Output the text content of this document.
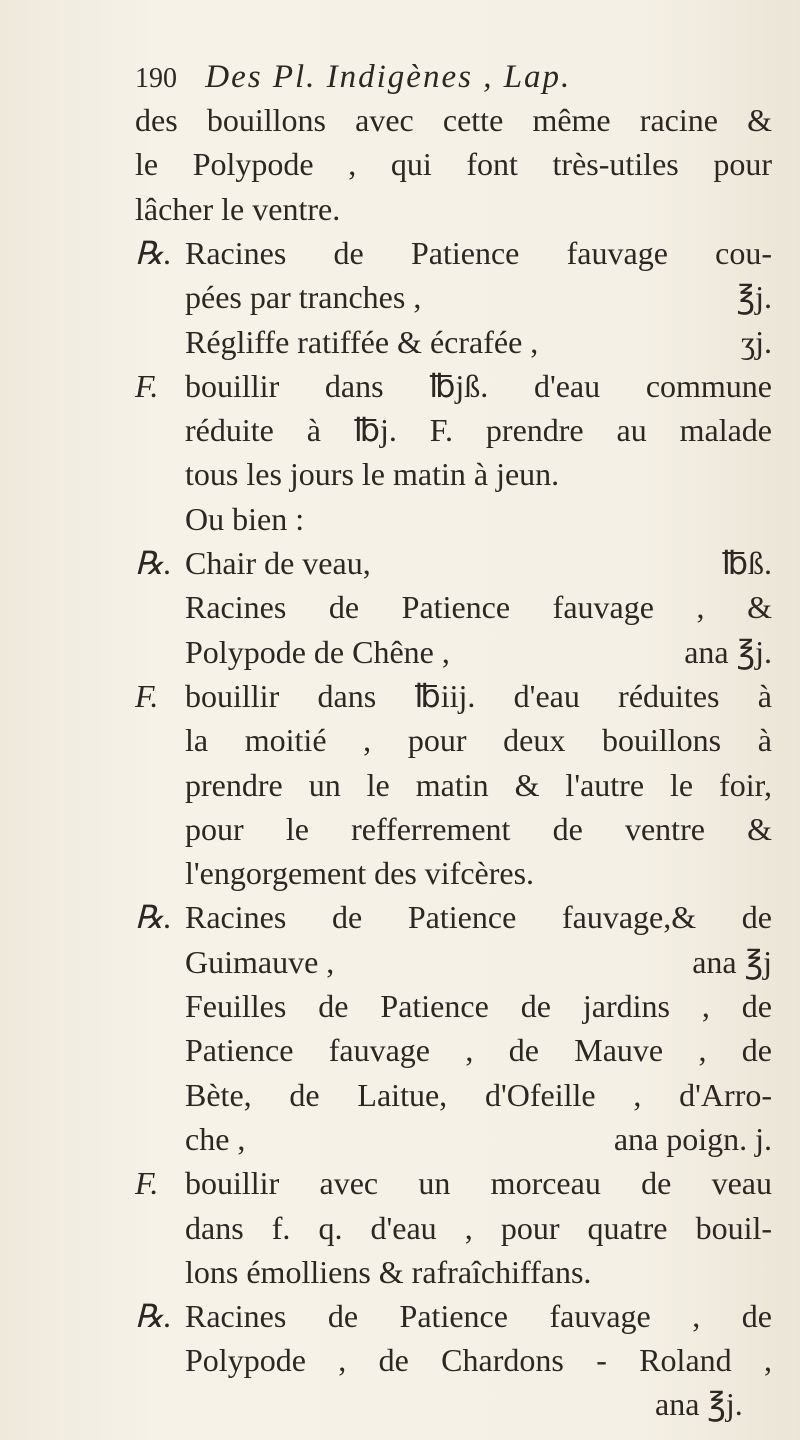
190 Des Pl. Indigènes , Lap.
des bouillons avec cette même racine &
le Polypode , qui font très-utiles pour
lâcher le ventre.
℞. Racines de Patience fauvage cou-
pées par tranches ,	℥j.
Régliffe ratiffée & écrafée ,	ʒj.
F. bouillir dans ℔jß. d'eau commune
réduite à ℔j. F. prendre au malade
tous les jours le matin à jeun.
Ou bien :
℞. Chair de veau,	℔ß.
Racines de Patience fauvage , &
Polypode de Chêne ,	ana ℥j.
F. bouillir dans ℔iij. d'eau réduites à
la moitié , pour deux bouillons à
prendre un le matin & l'autre le foir,
pour le refferrement de ventre &
l'engorgement des vifcères.
℞. Racines de Patience fauvage,& de
Guimauve ,	ana ℥j
Feuilles de Patience de jardins , de
Patience fauvage , de Mauve , de
Bète, de Laitue, d'Ofeille , d'Arro-
che ,	ana poign. j.
F. bouillir avec un morceau de veau
dans f. q. d'eau , pour quatre bouil-
lons émolliens & rafraîchiffans.
℞. Racines de Patience fauvage , de
Polypode , de Chardons - Roland ,
ana ℥j.
